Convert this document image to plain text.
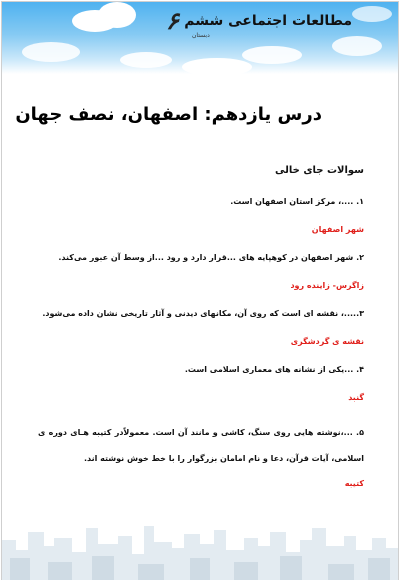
۶ مطالعات اجتماعی ششم
دبستان
درس یازدهم: اصفهان، نصف جهان
سوالات جای خالی
۱. ....، مرکز استان اصفهان است.
شهر اصفهان
۲. شهر اصفهان در کوهپایه های ...قرار دارد و رود ...از وسط آن عبور می‌کند.
زاگرس- زاینده رود
۳.....، نقشه ای است که روی آن، مکانهای دیدنی و آثار تاریخی نشان داده می‌شود.
نقشه ی گردشگری
۴. ...یکی از نشانه های معماری اسلامی است.
گنبد
۵. ...،نوشته هایی روی سنگ، کاشی و مانند آن است. معمولاًدر کتیبه هـای دوره ی اسلامی، آیات قرآن، دعا و نام امامان بزرگوار را با خط خوش نوشته اند.
کتیبه
